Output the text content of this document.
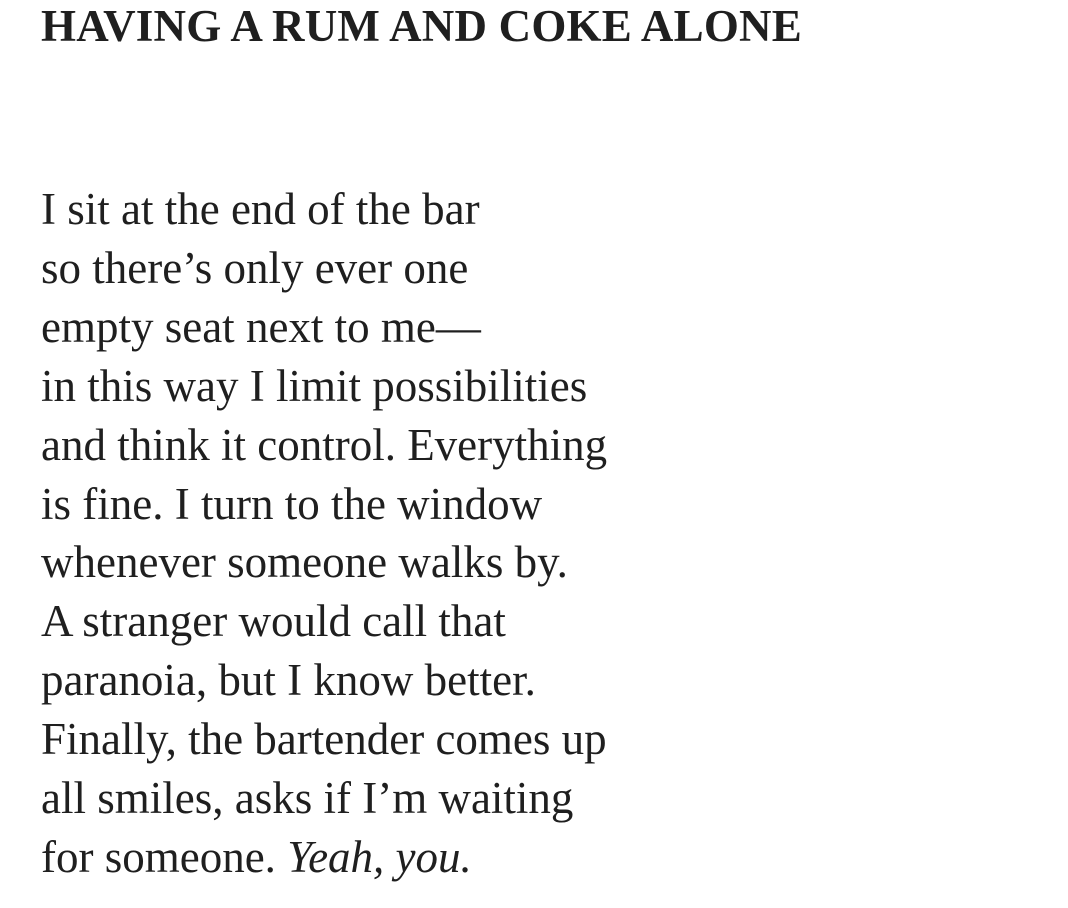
HAVING A RUM AND COKE ALONE
I sit at the end of the bar
so there’s only ever one
empty seat next to me—
in this way I limit possibilities
and think it control. Everything
is fine. I turn to the window
whenever someone walks by.
A stranger would call that
paranoia, but I know better.
Finally, the bartender comes up
all smiles, asks if I’m waiting
for someone. Yeah, you.
